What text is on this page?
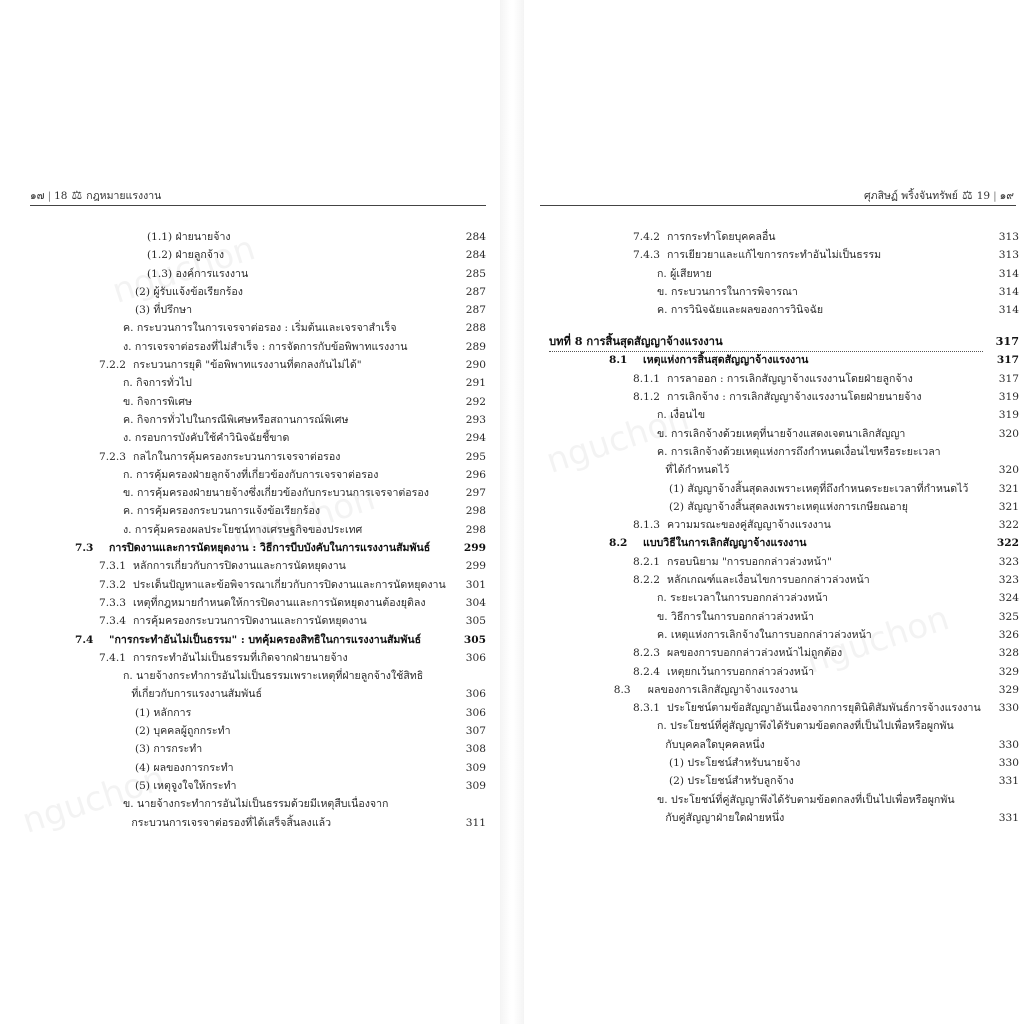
๑๗ | 18 ⚖ กฎหมายแรงงาน
(1.1) ฝ่ายนายจ้าง	284
(1.2) ฝ่ายลูกจ้าง	284
(1.3) องค์การแรงงาน	285
(2) ผู้รับแจ้งข้อเรียกร้อง	287
(3) ที่ปรึกษา	287
ค. กระบวนการในการเจรจาต่อรอง : เริ่มต้นและเจรจาสำเร็จ	288
ง. การเจรจาต่อรองที่ไม่สำเร็จ : การจัดการกับข้อพิพาทแรงงาน	289
7.2.2 กระบวนการยุติ "ข้อพิพาทแรงงานที่ตกลงกันไม่ได้"	290
ก. กิจการทั่วไป	291
ข. กิจการพิเศษ	292
ค. กิจการทั่วไปในกรณีพิเศษหรือสถานการณ์พิเศษ	293
ง. กรอบการบังคับใช้คำวินิจฉัยชี้ขาด	294
7.2.3 กลไกในการคุ้มครองกระบวนการเจรจาต่อรอง	295
ก. การคุ้มครองฝ่ายลูกจ้างที่เกี่ยวข้องกับการเจรจาต่อรอง	296
ข. การคุ้มครองฝ่ายนายจ้างซึ่งเกี่ยวข้องกับกระบวนการเจรจาต่อรอง	297
ค. การคุ้มครองกระบวนการแจ้งข้อเรียกร้อง	298
ง. การคุ้มครองผลประโยชน์ทางเศรษฐกิจของประเทศ	298
7.3 การปิดงานและการนัดหยุดงาน : วิธีการบีบบังคับในการแรงงานสัมพันธ์	299
7.3.1 หลักการเกี่ยวกับการปิดงานและการนัดหยุดงาน	299
7.3.2 ประเด็นปัญหาและข้อพิจารณาเกี่ยวกับการปิดงานและการนัดหยุดงาน 301
7.3.3 เหตุที่กฎหมายกำหนดให้การปิดงานและการนัดหยุดงานต้องยุติลง	304
7.3.4 การคุ้มครองกระบวนการปิดงานและการนัดหยุดงาน	305
7.4 "การกระทำอันไม่เป็นธรรม" : บทคุ้มครองสิทธิในการแรงงานสัมพันธ์	305
7.4.1 การกระทำอันไม่เป็นธรรมที่เกิดจากฝ่ายนายจ้าง	306
ก. นายจ้างกระทำการอันไม่เป็นธรรมเพราะเหตุที่ฝ่ายลูกจ้างใช้สิทธิ
ที่เกี่ยวกับการแรงงานสัมพันธ์	306
(1) หลักการ	306
(2) บุคคลผู้ถูกกระทำ	307
(3) การกระทำ	308
(4) ผลของการกระทำ	309
(5) เหตุจูงใจให้กระทำ	309
ข. นายจ้างกระทำการอันไม่เป็นธรรมด้วยมีเหตุสืบเนื่องจาก
กระบวนการเจรจาต่อรองที่ได้เสร็จสิ้นลงแล้ว	311
ศุภสิษฏ์ พริ้งจันทรัพย์ ⚖ 19 | ๑๙
7.4.2 การกระทำโดยบุคคลอื่น	313
7.4.3 การเยียวยาและแก้ไขการกระทำอันไม่เป็นธรรม	313
ก. ผู้เสียหาย	314
ข. กระบวนการในการพิจารณา	314
ค. การวินิจฉัยและผลของการวินิจฉัย	314
บทที่ 8 การสิ้นสุดสัญญาจ้างแรงงาน	317
8.1 เหตุแห่งการสิ้นสุดสัญญาจ้างแรงงาน	317
8.1.1 การลาออก : การเลิกสัญญาจ้างแรงงานโดยฝ่ายลูกจ้าง	317
8.1.2 การเลิกจ้าง : การเลิกสัญญาจ้างแรงงานโดยฝ่ายนายจ้าง	319
ก. เงื่อนไข	319
ข. การเลิกจ้างด้วยเหตุที่นายจ้างแสดงเจตนาเลิกสัญญา	320
ค. การเลิกจ้างด้วยเหตุแห่งการถึงกำหนดเงื่อนไขหรือระยะเวลา
ที่ได้กำหนดไว้	320
(1) สัญญาจ้างสิ้นสุดลงเพราะเหตุที่ถึงกำหนดระยะเวลาที่กำหนดไว้	321
(2) สัญญาจ้างสิ้นสุดลงเพราะเหตุแห่งการเกษียณอายุ	321
8.1.3 ความมรณะของคู่สัญญาจ้างแรงงาน	322
8.2 แบบวิธีในการเลิกสัญญาจ้างแรงงาน	322
8.2.1 กรอบนิยาม "การบอกกล่าวล่วงหน้า"	323
8.2.2 หลักเกณฑ์และเงื่อนไขการบอกกล่าวล่วงหน้า	323
ก. ระยะเวลาในการบอกกล่าวล่วงหน้า	324
ข. วิธีการในการบอกกล่าวล่วงหน้า	325
ค. เหตุแห่งการเลิกจ้างในการบอกกล่าวล่วงหน้า	326
8.2.3 ผลของการบอกกล่าวล่วงหน้าไม่ถูกต้อง	328
8.2.4 เหตุยกเว้นการบอกกล่าวล่วงหน้า	329
8.3 ผลของการเลิกสัญญาจ้างแรงงาน	329
8.3.1 ประโยชน์ตามข้อสัญญาอันเนื่องจากการยุตินิติสัมพันธ์การจ้างแรงงาน 330
ก. ประโยชน์ที่คู่สัญญาพึงได้รับตามข้อตกลงที่เป็นไปเพื่อหรือผูกพัน
กับบุคคลใดบุคคลหนึ่ง	330
(1) ประโยชน์สำหรับนายจ้าง	330
(2) ประโยชน์สำหรับลูกจ้าง	331
ข. ประโยชน์ที่คู่สัญญาพึงได้รับตามข้อตกลงที่เป็นไปเพื่อหรือผูกพัน
กับคู่สัญญาฝ่ายใดฝ่ายหนึ่ง	331
